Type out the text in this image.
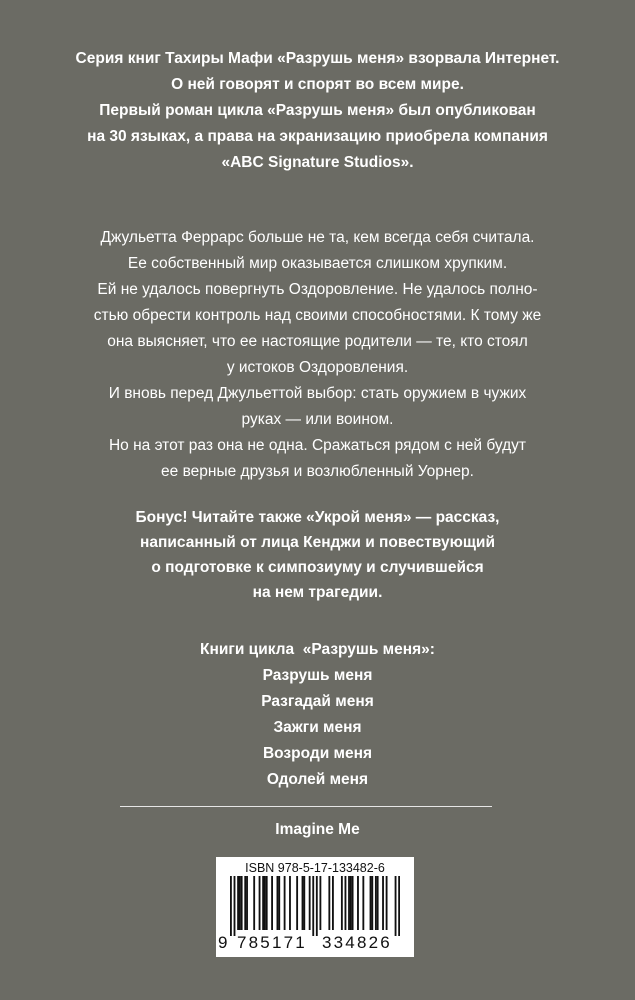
Серия книг Тахиры Мафи «Разрушь меня» взорвала Интернет.
О ней говорят и спорят во всем мире.
Первый роман цикла «Разрушь меня» был опубликован
на 30 языках, а права на экранизацию приобрела компания
«ABC Signature Studios».
Джульетта Феррарс больше не та, кем всегда себя считала.
Ее собственный мир оказывается слишком хрупким.
Ей не удалось повергнуть Оздоровление. Не удалось полно-
стью обрести контроль над своими способностями. К тому же
она выясняет, что ее настоящие родители — те, кто стоял
у истоков Оздоровления.
И вновь перед Джульеттой выбор: стать оружием в чужих
руках — или воином.
Но на этот раз она не одна. Сражаться рядом с ней будут
ее верные друзья и возлюбленный Уорнер.
Бонус! Читайте также «Укрой меня» — рассказ,
написанный от лица Кенджи и повествующий
о подготовке к симпозиуму и случившейся
на нем трагедии.
Книги цикла  «Разрушь меня»:
Разрушь меня
Разгадай меня
Зажги меня
Возроди меня
Одолей меня
Imagine Me
ISBN 978-5-17-133482-6
9 785171 334826
